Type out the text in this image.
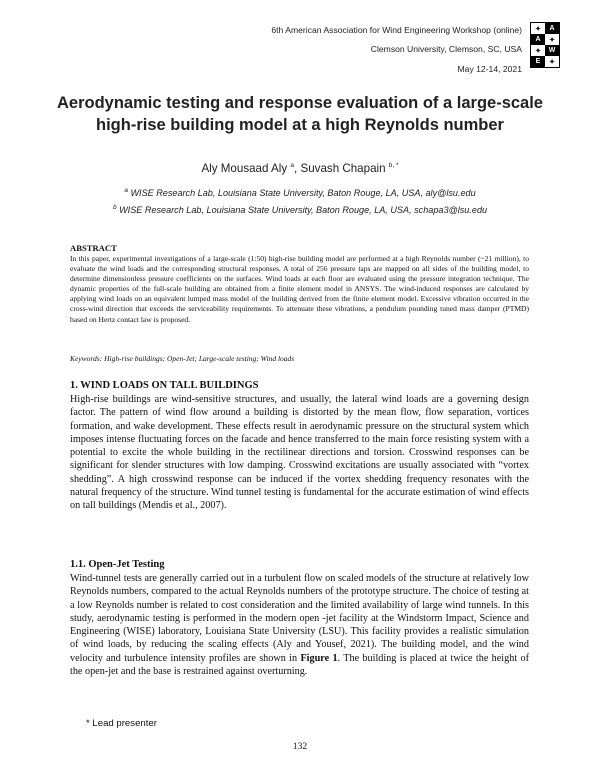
6th American Association for Wind Engineering Workshop (online)
Clemson University, Clemson, SC, USA
May 12-14, 2021
✦	A
A	✦
✦	W
E	✦
Aerodynamic testing and response evaluation of a large-scale
high-rise building model at a high Reynolds number
Aly Mousaad Aly $^a$, Suvash Chapain $^{b, *}$
$^a$ WISE Research Lab, Louisiana State University, Baton Rouge, LA, USA, aly@lsu.edu
$^b$ WISE Research Lab, Louisiana State University, Baton Rouge, LA, USA, schapa3@lsu.edu
ABSTRACT
In this paper, experimental investigations of a large-scale (1:50) high-rise building model are performed at a high Reynolds number (~21 million), to evaluate the wind loads and the corresponding structural responses. A total of 256 pressure taps are mapped on all sides of the building model, to determine dimensionless pressure coefficients on the surfaces. Wind loads at each floor are evaluated using the pressure integration technique. The dynamic properties of the full-scale building are obtained from a finite element model in ANSYS. The wind-induced responses are calculated by applying wind loads on an equivalent lumped mass model of the building derived from the finite element model. Excessive vibration occurred in the cross-wind direction that exceeds the serviceability requirements. To attenuate these vibrations, a pendulum pounding tuned mass damper (PTMD) based on Hertz contact law is proposed.
Keywords: High-rise buildings; Open-Jet; Large-scale testing; Wind loads
1. WIND LOADS ON TALL BUILDINGS
High-rise buildings are wind-sensitive structures, and usually, the lateral wind loads are a governing design factor. The pattern of wind flow around a building is distorted by the mean flow, flow separation, vortices formation, and wake development. These effects result in aerodynamic pressure on the structural system which imposes intense fluctuating forces on the facade and hence transferred to the main force resisting system with a potential to excite the whole building in the rectilinear directions and torsion. Crosswind responses can be significant for slender structures with low damping. Crosswind excitations are usually associated with “vortex shedding”. A high crosswind response can be induced if the vortex shedding frequency resonates with the natural frequency of the structure. Wind tunnel testing is fundamental for the accurate estimation of wind effects on tall buildings (Mendis et al., 2007).
1.1. Open-Jet Testing
Wind-tunnel tests are generally carried out in a turbulent flow on scaled models of the structure at relatively low Reynolds numbers, compared to the actual Reynolds numbers of the prototype structure. The choice of testing at a low Reynolds number is related to cost consideration and the limited availability of large wind tunnels. In this study, aerodynamic testing is performed in the modern open -jet facility at the Windstorm Impact, Science and Engineering (WISE) laboratory, Louisiana State University (LSU). This facility provides a realistic simulation of wind loads, by reducing the scaling effects (Aly and Yousef, 2021). The building model, and the wind velocity and turbulence intensity profiles are shown in Figure 1. The building is placed at twice the height of the open-jet and the base is restrained against overturning.
* Lead presenter
132
